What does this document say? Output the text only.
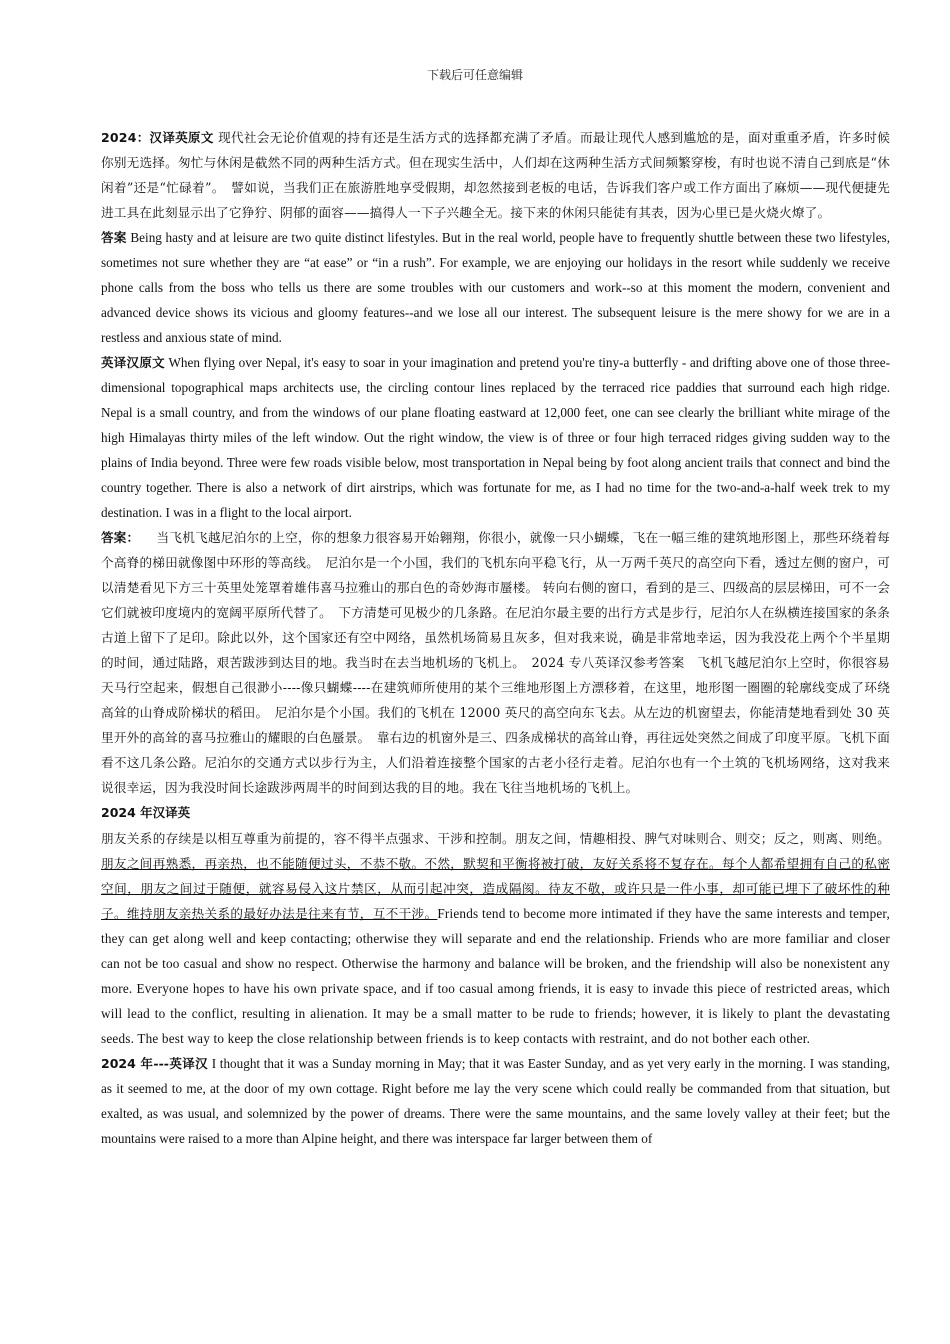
下载后可任意编辑

2024：汉译英原文 现代社会无论价值观的持有还是生活方式的选择都充满了矛盾。而最让现代人感到尴尬的是，面对重重矛盾，许多时候你别无选择。匆忙与休闲是截然不同的两种生活方式。但在现实生活中，人们却在这两种生活方式间频繁穿梭，有时也说不清自己到底是“休闲着”还是“忙碌着”。　譬如说，当我们正在旅游胜地享受假期，却忽然接到老板的电话，告诉我们客户或工作方面出了麻烦——现代便捷先进工具在此刻显示出了它狰狞、阴郁的面容——搞得人一下子兴趣全无。接下来的休闲只能徒有其表，因为心里已是火烧火燎了。

答案 Being hasty and at leisure are two quite distinct lifestyles. But in the real world, people have to frequently shuttle between these two lifestyles, sometimes not sure whether they are “at ease” or “in a rush”. For example, we are enjoying our holidays in the resort while suddenly we receive phone calls from the boss who tells us there are some troubles with our customers and work--so at this moment the modern, convenient and advanced device shows its vicious and gloomy features--and we lose all our interest. The subsequent leisure is the mere showy for we are in a restless and anxious state of mind.

英译汉原文 When flying over Nepal, it's easy to soar in your imagination and pretend you're tiny-a butterfly - and drifting above one of those three-dimensional topographical maps architects use, the circling contour lines replaced by the terraced rice paddies that surround each high ridge.　 Nepal is a small country, and from the windows of our plane floating eastward at 12,000 feet, one can see clearly the brilliant white mirage of the high Himalayas thirty miles of the left window. Out the right window, the view is of three or four high terraced ridges giving sudden way to the plains of India beyond. Three were few roads visible below, most transportation in Nepal being by foot along ancient trails that connect and bind the country together. There is also a network of dirt airstrips, which was fortunate for me, as I had no time for the two-and-a-half week trek to my destination. I was in a flight to the local airport.

答案： 　当飞机飞越尼泊尔的上空，你的想象力很容易开始翱翔，你很小，就像一只小蝴蝶，飞在一幅三维的建筑地形图上，那些环绕着每个高脊的梯田就像图中环形的等高线。　尼泊尔是一个小国，我们的飞机东向平稳飞行，从一万两千英尺的高空向下看，透过左侧的窗户，可以清楚看见下方三十英里处笼罩着雄伟喜马拉雅山的那白色的奇妙海市蜃楼。 转向右侧的窗口，看到的是三、四级高的层层梯田，可不一会它们就被印度境内的宽阔平原所代替了。　下方清楚可见极少的几条路。在尼泊尔最主要的出行方式是步行，尼泊尔人在纵横连接国家的条条古道上留下了足印。除此以外，这个国家还有空中网络，虽然机场简易且灰多，但对我来说，确是非常地幸运，因为我没花上两个个半星期的时间，通过陆路，艰苦跋涉到达目的地。我当时在去当地机场的飞机上。　2024 专八英译汉参考答案　飞机飞越尼泊尔上空时，你很容易天马行空起来，假想自己很渺小----像只蝴蝶----在建筑师所使用的某个三维地形图上方漂移着，在这里，地形图一圈圈的轮廓线变成了环绕高耸的山脊成阶梯状的稻田。　尼泊尔是个小国。我们的飞机在 12000 英尺的高空向东飞去。从左边的机窗望去，你能清楚地看到处 30 英里开外的高耸的喜马拉雅山的耀眼的白色蜃景。　靠右边的机窗外是三、四条成梯状的高耸山脊，再往远处突然之间成了印度平原。飞机下面看不这几条公路。尼泊尔的交通方式以步行为主，人们沿着连接整个国家的古老小径行走着。尼泊尔也有一个土筑的飞机场网络，这对我来说很幸运，因为我没时间长途跋涉两周半的时间到达我的目的地。我在飞往当地机场的飞机上。

2024 年汉译英

朋友关系的存续是以相互尊重为前提的，容不得半点强求、干涉和控制。朋友之间，情趣相投、脾气对味则合、则交；反之，则离、则绝。朋友之间再熟悉，再亲热，也不能随便过头，不恭不敬。不然，默契和平衡将被打破，友好关系将不复存在。每个人都希望拥有自己的私密空间，朋友之间过于随便，就容易侵入这片禁区，从而引起冲突，造成隔阂。待友不敬，或许只是一件小事，却可能已埋下了破坏性的种子。维持朋友亲热关系的最好办法是往来有节，互不干涉。Friends tend to become more intimated if they have the same interests and temper, they can get along well and keep contacting; otherwise they will separate and end the relationship. Friends who are more familiar and closer can not be too casual and show no respect. Otherwise the harmony and balance will be broken, and the friendship will also be nonexistent any more. Everyone hopes to have his own private space, and if too casual among friends, it is easy to invade this piece of restricted areas, which will lead to the conflict, resulting in alienation. It may be a small matter to be rude to friends; however, it is likely to plant the devastating seeds. The best way to keep the close relationship between friends is to keep contacts with restraint, and do not bother each other.

2024 年---英译汉 I thought that it was a Sunday morning in May; that it was Easter Sunday, and as yet very early in the morning. I was standing, as it seemed to me, at the door of my own cottage. Right before me lay the very scene which could really be commanded from that situation, but exalted, as was usual, and solemnized by the power of dreams. There were the same mountains, and the same lovely valley at their feet; but the mountains were raised to a more than Alpine height, and there was interspace far larger between them of
